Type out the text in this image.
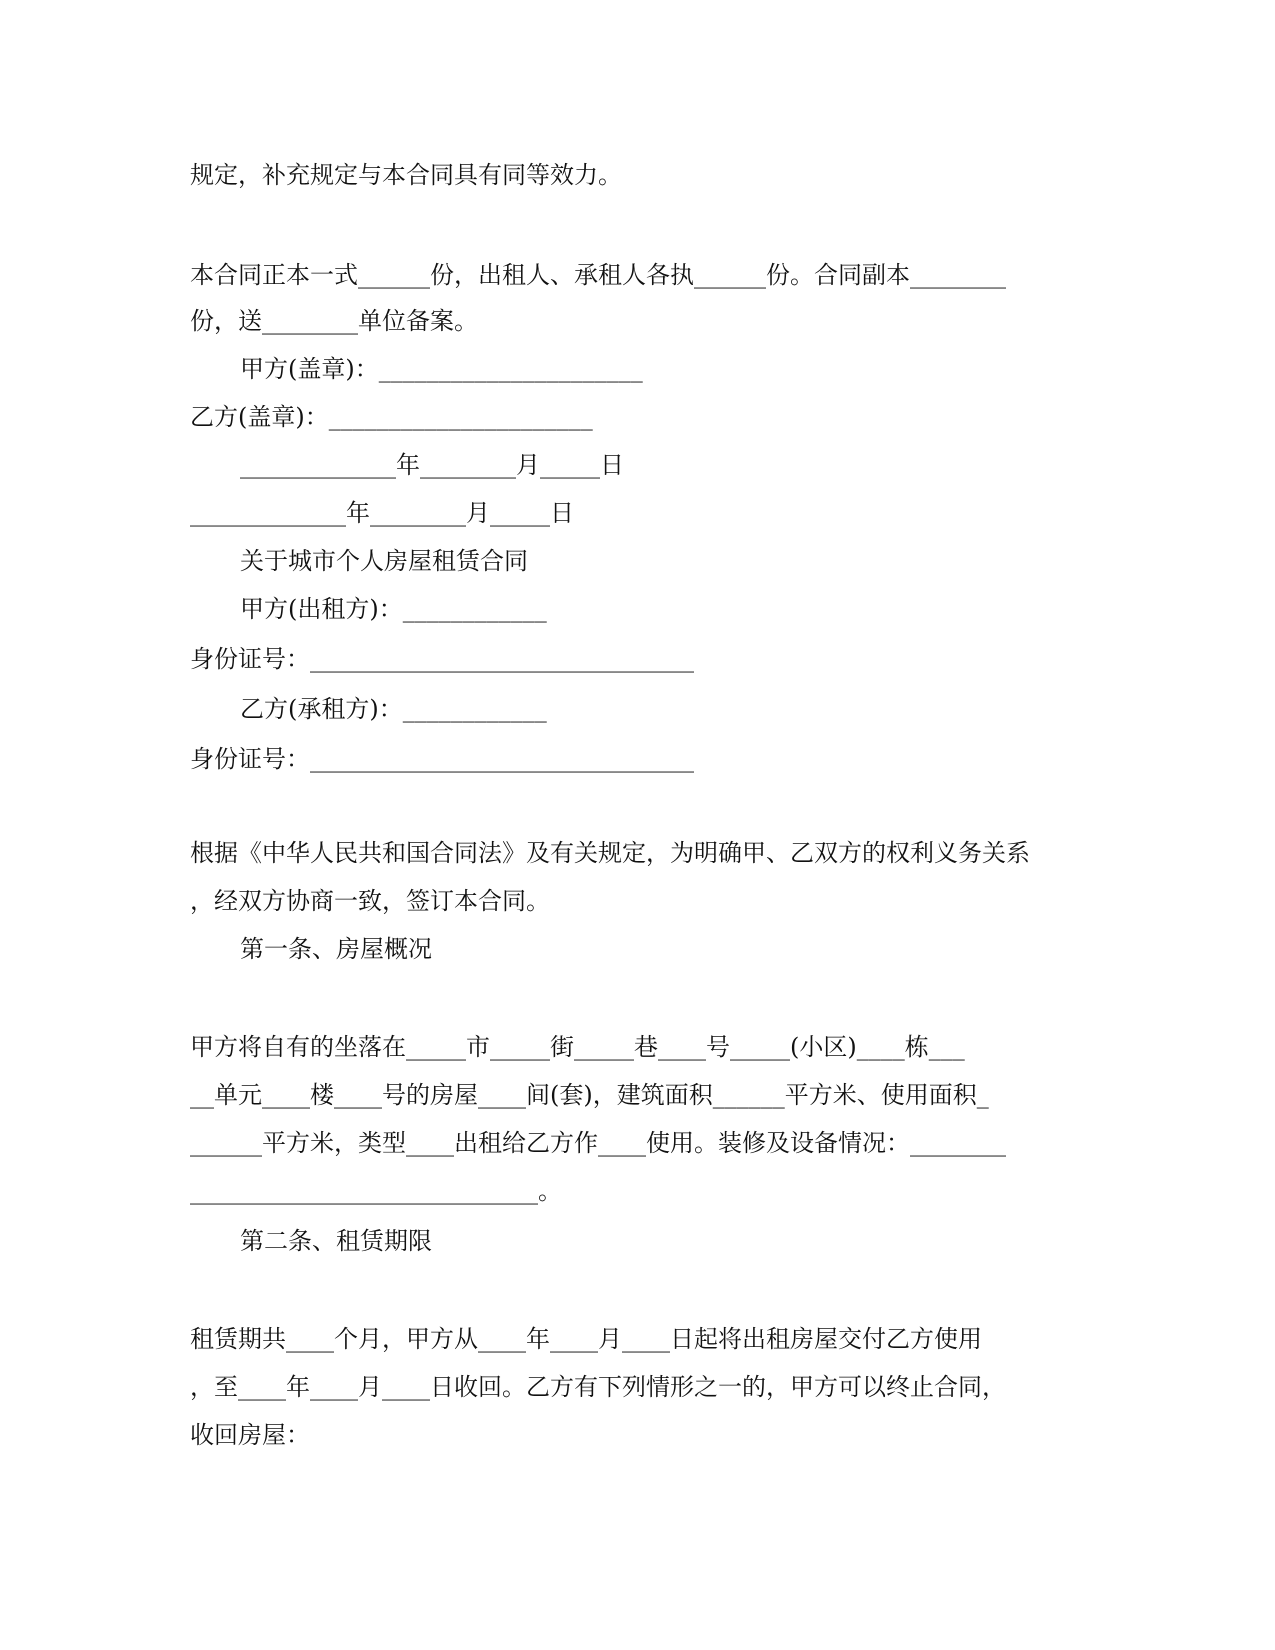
规定，补充规定与本合同具有同等效力。

本合同正本一式______份，出租人、承租人各执______份。合同副本________

份，送________单位备案。

甲方(盖章)：______________________

乙方(盖章)：______________________

_____________年________月_____日

_____________年________月_____日

关于城市个人房屋租赁合同

甲方(出租方)：____________

身份证号：________________________________

乙方(承租方)：____________

身份证号：________________________________

根据《中华人民共和国合同法》及有关规定，为明确甲、乙双方的权利义务关系

，经双方协商一致，签订本合同。

第一条、房屋概况

甲方将自有的坐落在_____市_____街_____巷____号_____(小区)____栋___

__单元____楼____号的房屋____间(套)，建筑面积______平方米、使用面积_

______平方米，类型____出租给乙方作____使用。装修及设备情况：________

_____________________________。

第二条、租赁期限

租赁期共____个月，甲方从____年____月____日起将出租房屋交付乙方使用

，至____年____月____日收回。乙方有下列情形之一的，甲方可以终止合同，

收回房屋：
